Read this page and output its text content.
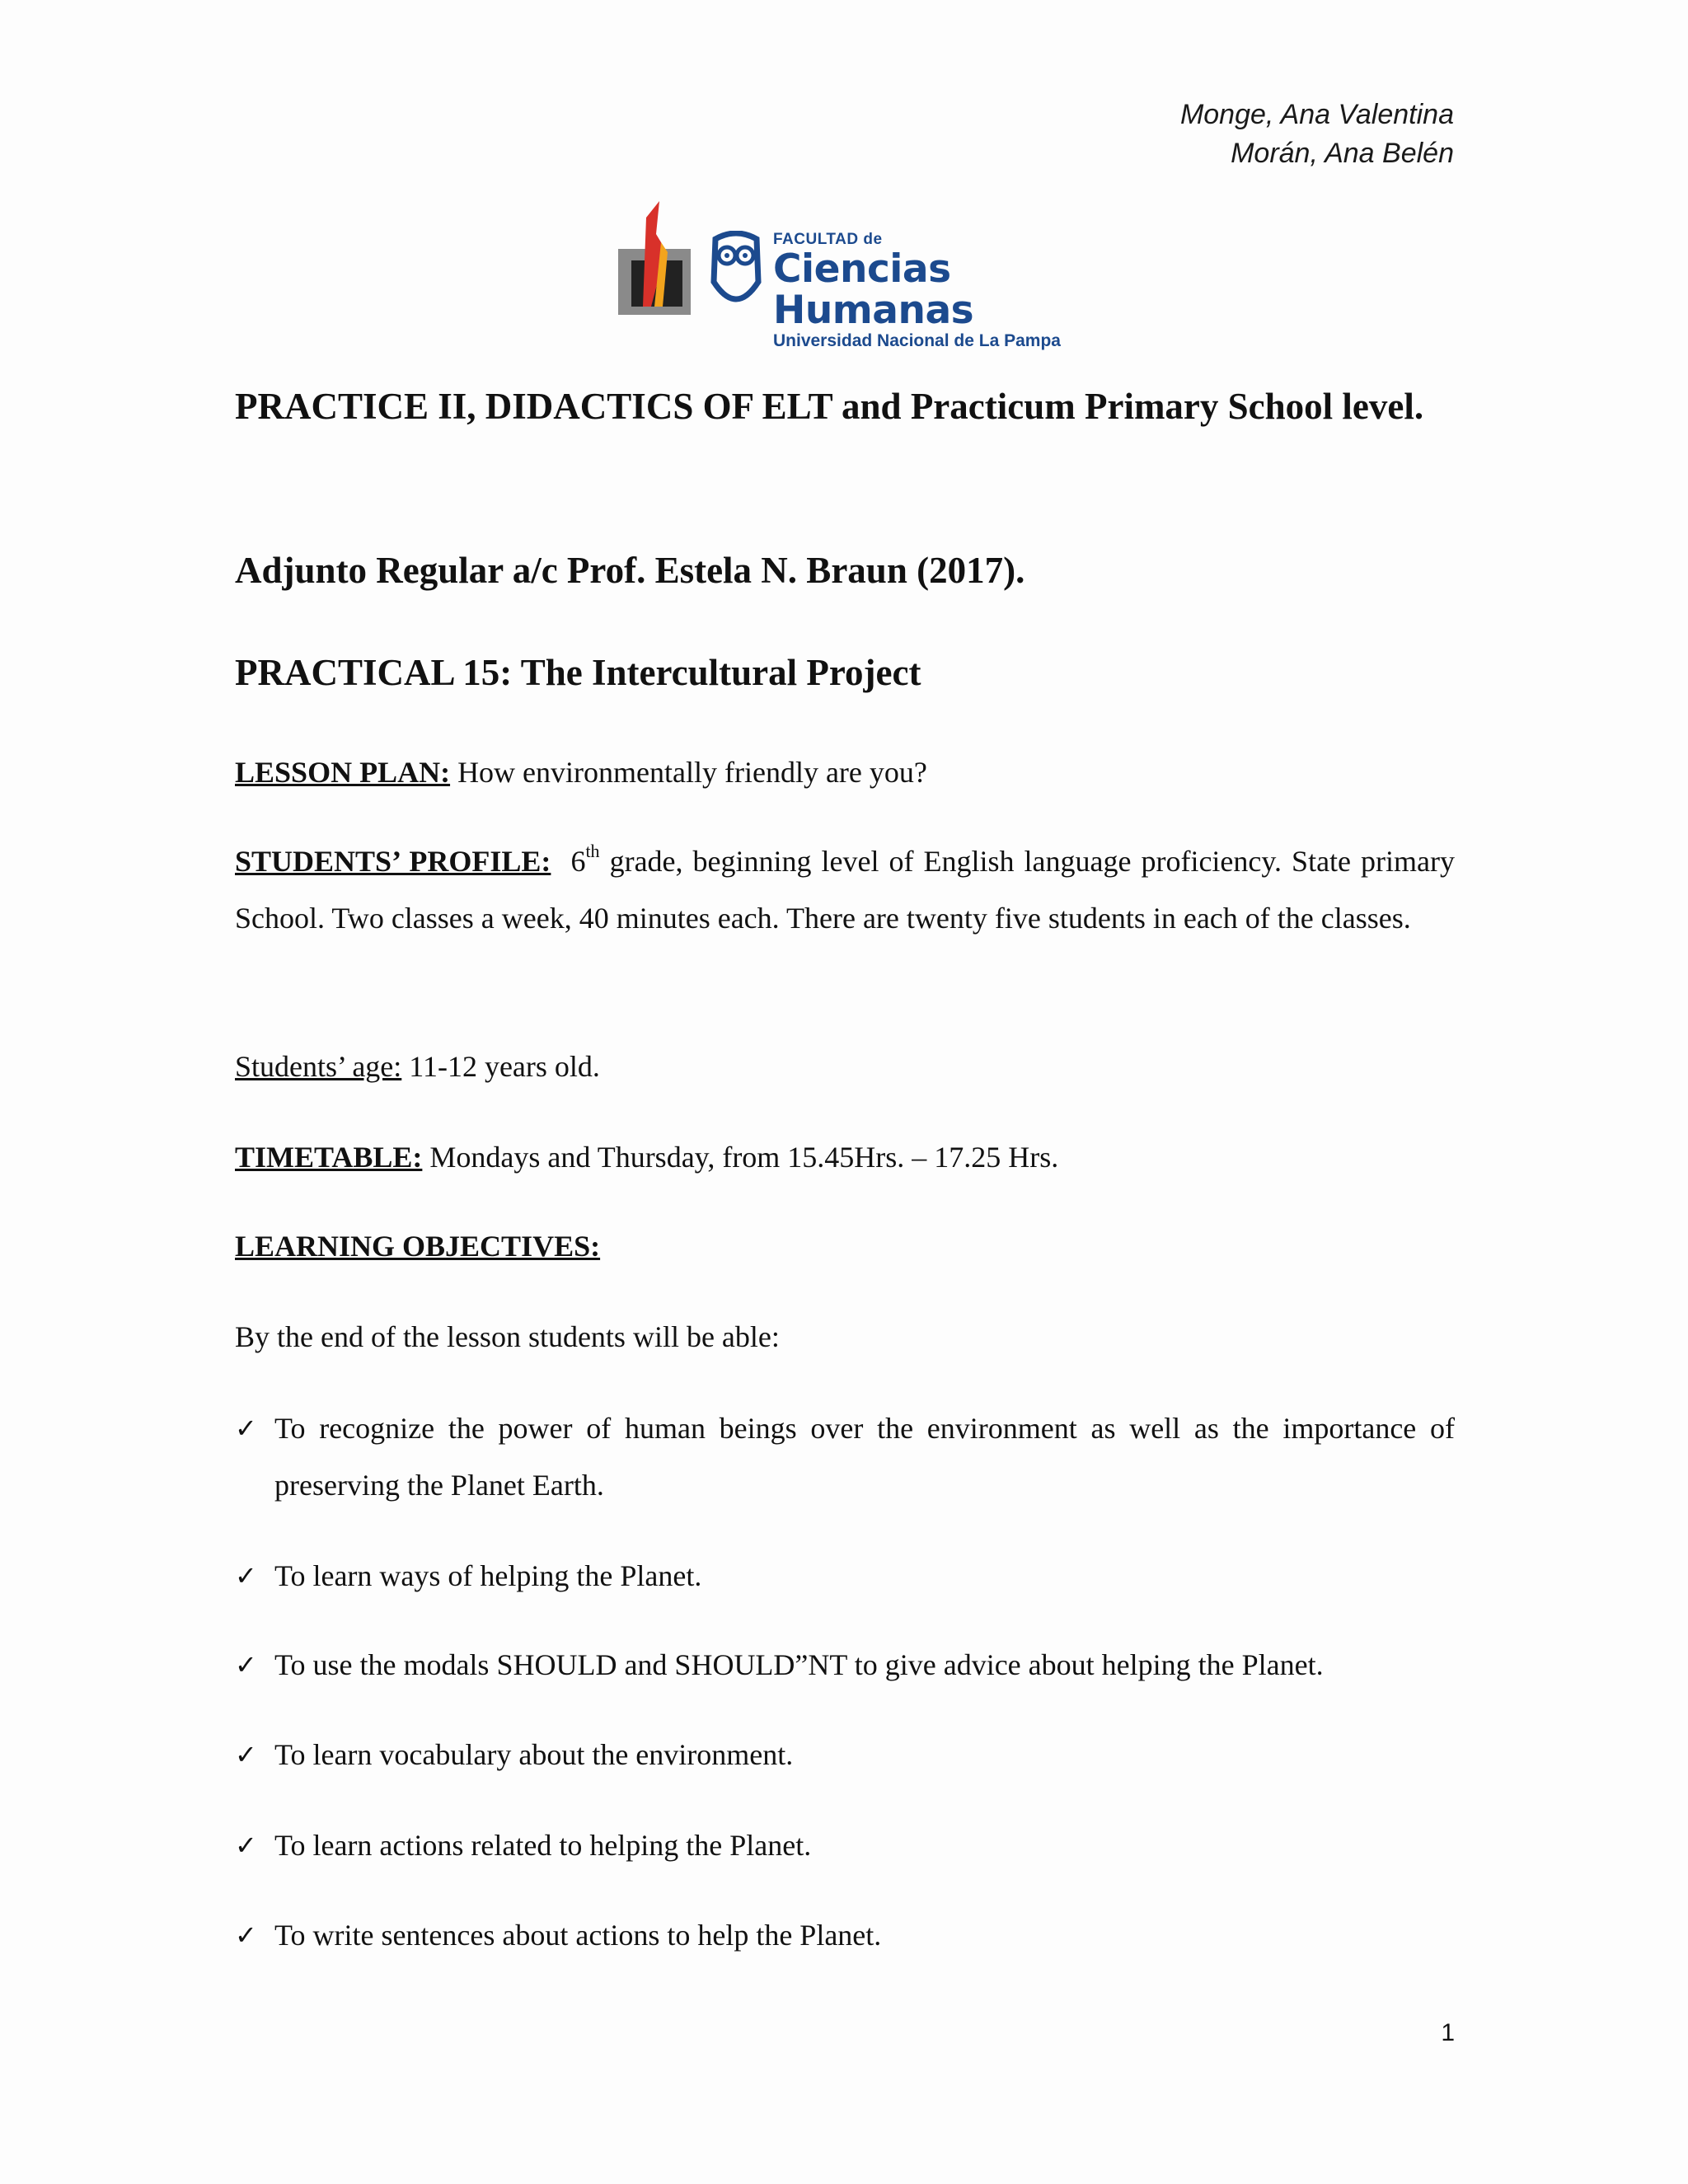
Monge, Ana Valentina
Morán, Ana Belén
FACULTAD de
Ciencias Humanas
Universidad Nacional de La Pampa

PRACTICE II, DIDACTICS OF ELT and Practicum Primary School level.

Adjunto Regular a/c Prof. Estela N. Braun (2017).

PRACTICAL 15: The Intercultural Project

LESSON PLAN: How environmentally friendly are you?

STUDENTS’ PROFILE: 6th grade, beginning level of English language proficiency. State primary School. Two classes a week, 40 minutes each. There are twenty five students in each of the classes.

Students’ age: 11-12 years old.

TIMETABLE: Mondays and Thursday, from 15.45Hrs. – 17.25 Hrs.

LEARNING OBJECTIVES:

By the end of the lesson students will be able:

✓ To recognize the power of human beings over the environment as well as the importance of preserving the Planet Earth.
✓ To learn ways of helping the Planet.
✓ To use the modals SHOULD and SHOULD”NT to give advice about helping the Planet.
✓ To learn vocabulary about the environment.
✓ To learn actions related to helping the Planet.
✓ To write sentences about actions to help the Planet.
1
